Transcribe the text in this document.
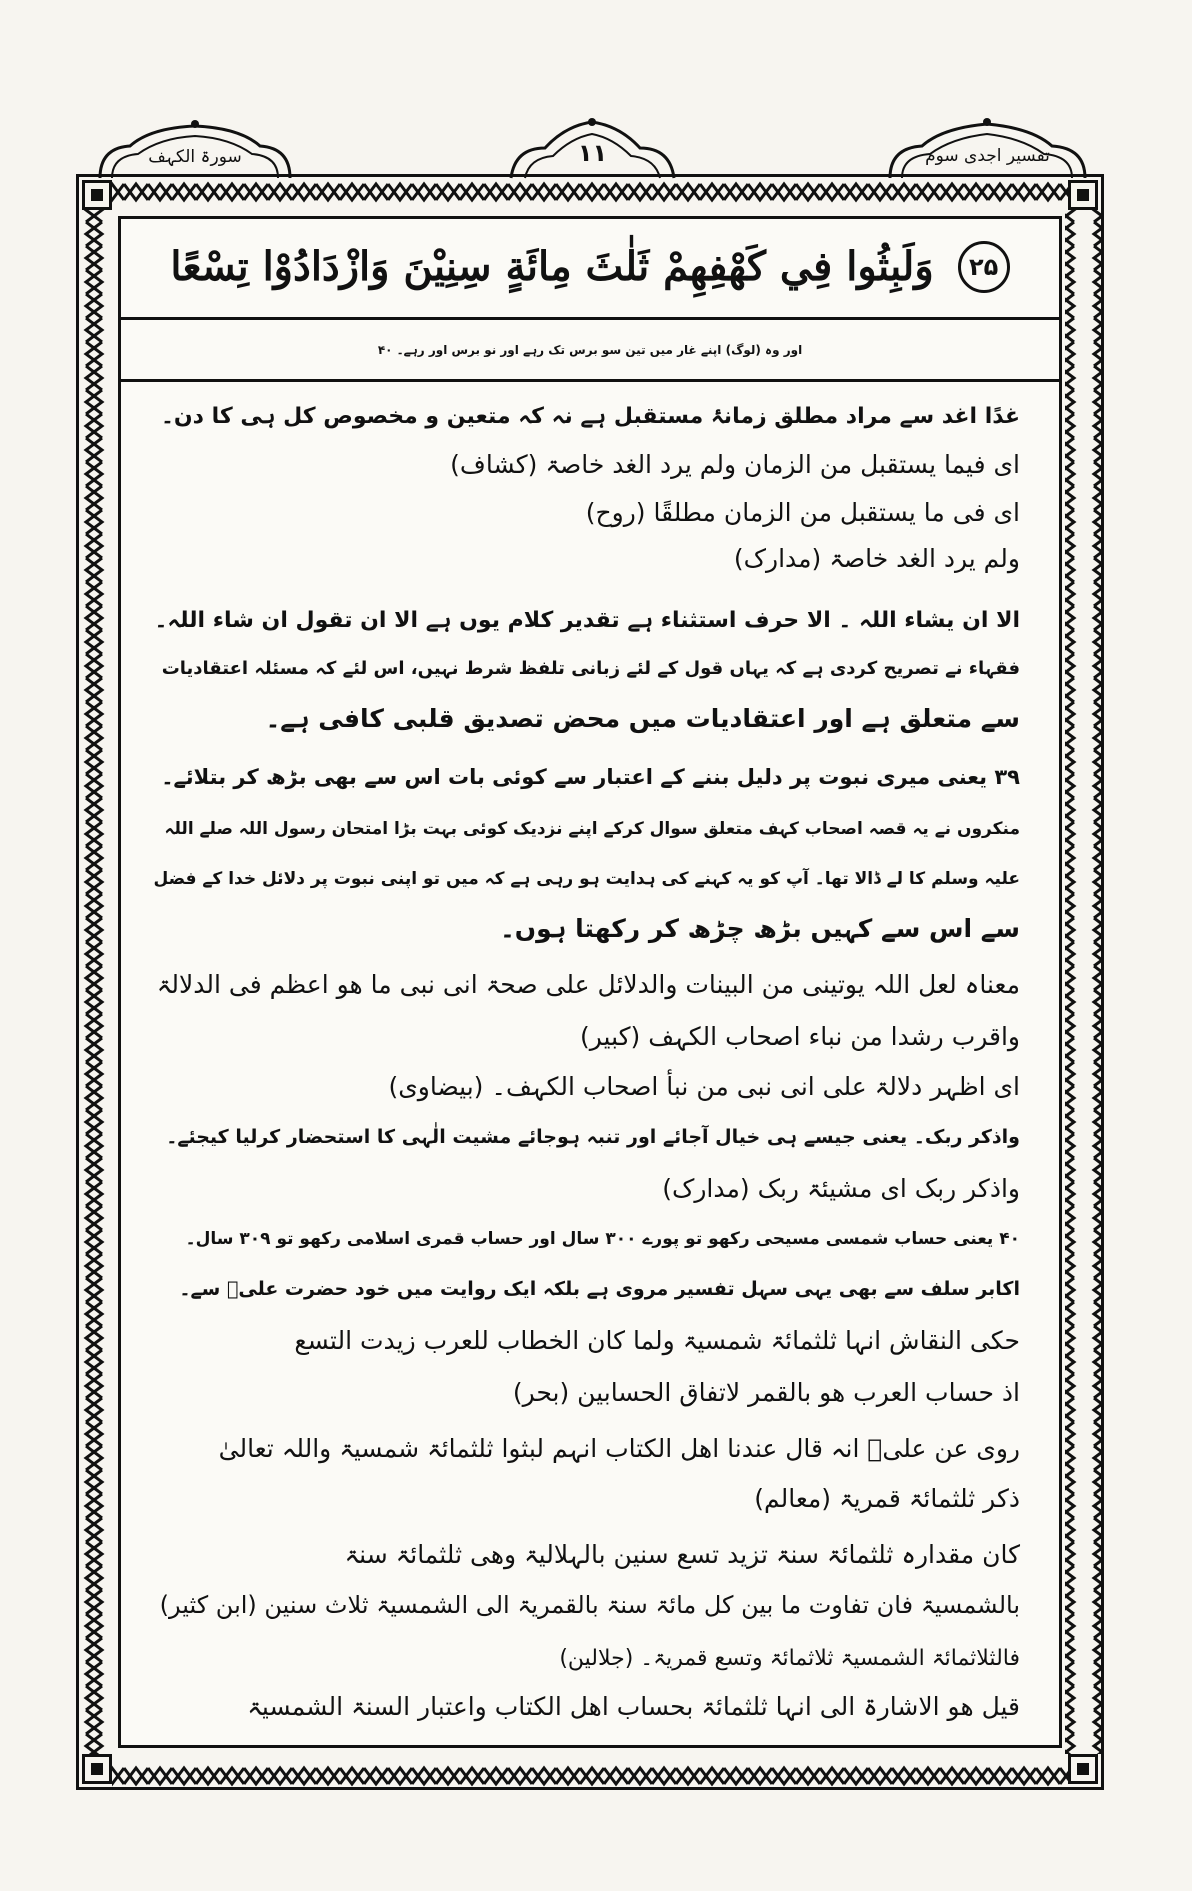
سورۃ الکہف	۱۱	تفسیر اجدی سوم
۲۵
وَلَبِثُوا فِي كَهْفِهِمْ ثَلٰثَ مِائَةٍ سِنِيْنَ وَازْدَادُوْا تِسْعًا
اور وہ (لوگ) اپنے غار میں تین سو برس تک رہے اور نو برس اور رہے۔ ۴۰
غدًا اغد سے مراد مطلق زمانۂ مستقبل ہے نہ کہ متعین و مخصوص کل ہی کا دن۔
ای فیما یستقبل من الزمان ولم یرد الغد خاصۃ (کشاف)
ای فی ما یستقبل من الزمان مطلقًا (روح)
ولم یرد الغد خاصۃ (مدارک)
الا ان یشاء اللہ ۔ الا حرف استثناء ہے تقدیر کلام یوں ہے الا ان تقول ان شاء اللہ۔
فقہاء نے تصریح کردی ہے کہ یہاں قول کے لئے زبانی تلفظ شرط نہیں، اس لئے کہ مسئلہ اعتقادیات
سے متعلق ہے اور اعتقادیات میں محض تصدیق قلبی کافی ہے۔
۳۹ یعنی میری نبوت پر دلیل بننے کے اعتبار سے کوئی بات اس سے بھی بڑھ کر بتلائے۔
منکروں نے یہ قصہ اصحاب کہف متعلق سوال کرکے اپنے نزدیک کوئی بہت بڑا امتحان رسول اللہ صلے اللہ
علیہ وسلم کا لے ڈالا تھا۔ آپ کو یہ کہنے کی ہدایت ہو رہی ہے کہ میں تو اپنی نبوت پر دلائل خدا کے فضل
سے اس سے کہیں بڑھ چڑھ کر رکھتا ہوں۔
معناہ لعل اللہ یوتینی من البینات والدلائل علی صحۃ انی نبی ما ھو اعظم فی الدلالۃ
واقرب رشدا من نباء اصحاب الکہف (کبیر)
ای اظہر دلالۃ علی انی نبی من نبأ اصحاب الکہف۔ (بیضاوی)
واذکر ربک۔ یعنی جیسے ہی خیال آجائے اور تنبہ ہوجائے مشیت الٰہی کا استحضار کرلیا کیجئے۔
واذکر ربک ای مشیئۃ ربک (مدارک)
۴۰ یعنی حساب شمسی مسیحی رکھو تو پورے ۳۰۰ سال اور حساب قمری اسلامی رکھو تو ۳۰۹ سال۔
اکابر سلف سے بھی یہی سہل تفسیر مروی ہے بلکہ ایک روایت میں خود حضرت علیؓ سے۔
حکی النقاش انہا ثلثمائۃ شمسیۃ ولما کان الخطاب للعرب زیدت التسع
اذ حساب العرب ھو بالقمر لاتفاق الحسابین (بحر)
روی عن علیؓ انہ قال عندنا اھل الکتاب انہم لبثوا ثلثمائۃ شمسیۃ واللہ تعالیٰ
ذکر ثلثمائۃ قمریۃ (معالم)
کان مقدارہ ثلثمائۃ سنۃ تزید تسع سنین بالہلالیۃ وھی ثلثمائۃ سنۃ
بالشمسیۃ فان تفاوت ما بین کل مائۃ سنۃ بالقمریۃ الی الشمسیۃ ثلاث سنین (ابن کثیر)
فالثلاثمائۃ الشمسیۃ ثلاثمائۃ وتسع قمریۃ۔ (جلالین)
قیل ھو الاشارۃ الی انہا ثلثمائۃ بحساب اھل الکتاب واعتبار السنۃ الشمسیۃ
